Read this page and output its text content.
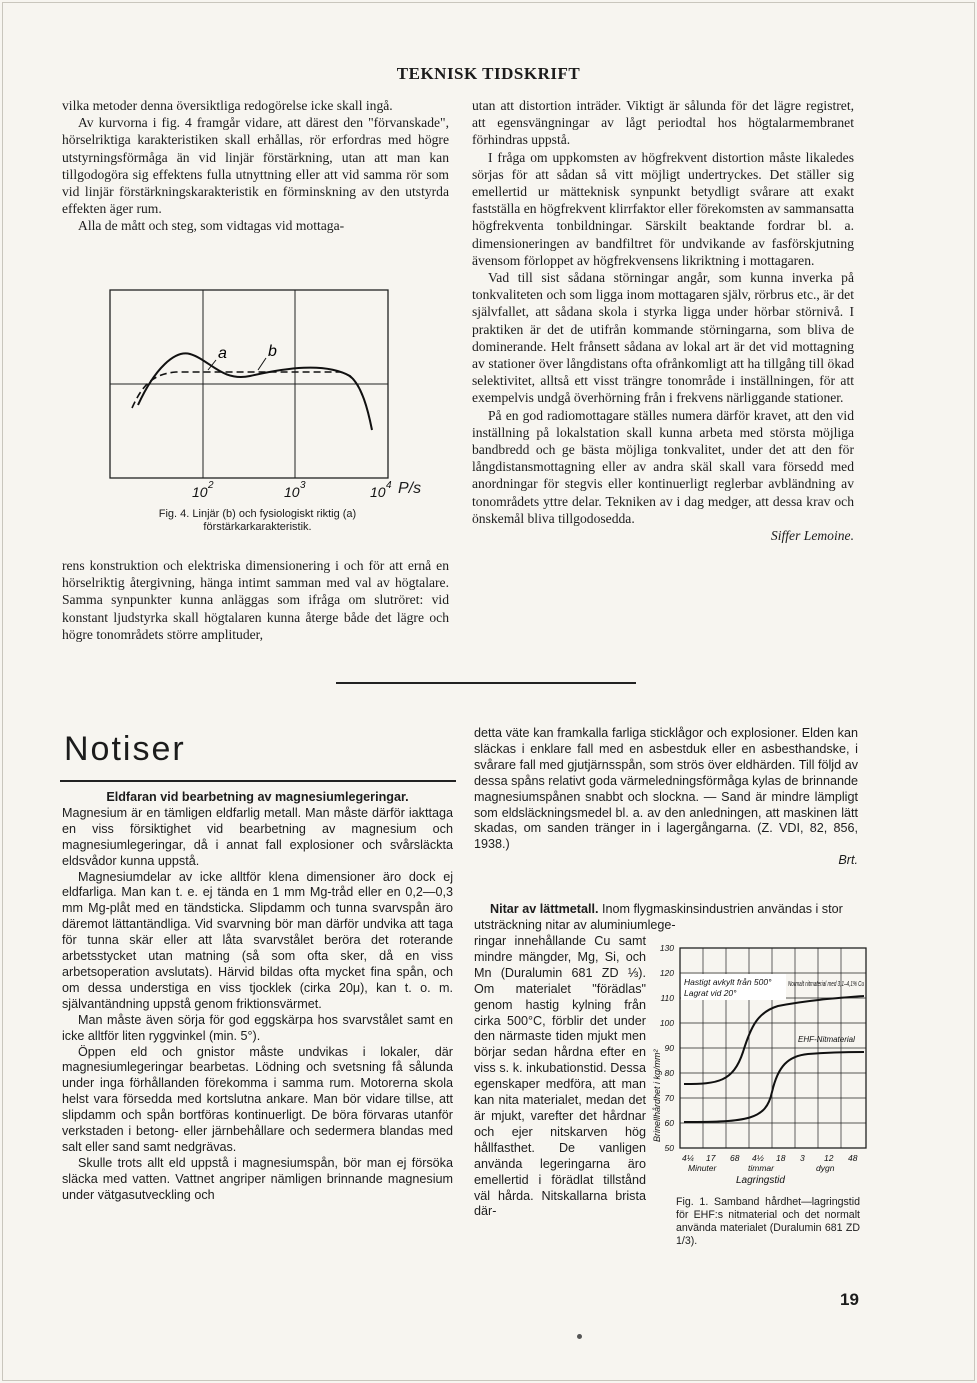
TEKNISK TIDSKRIFT

vilka metoder denna översiktliga redogörelse icke skall ingå.

Av kurvorna i fig. 4 framgår vidare, att därest den "förvanskade", hörselriktiga karakteristiken skall erhållas, rör erfordras med högre utstyrningsförmåga än vid linjär förstärkning, utan att man kan tillgodogöra sig effektens fulla utnyttning eller att vid samma rör som vid linjär förstärkningskarakteristik en förminskning av den utstyrda effekten äger rum.

Alla de mått och steg, som vidtagas vid mottaga-

a	b
10 2	10 3	10 4 P/s
Fig. 4. Linjär (b) och fysiologiskt riktig (a)
förstärkarkarakteristik.

rens konstruktion och elektriska dimensionering i och för att ernå en hörselriktig återgivning, hänga intimt samman med val av högtalare. Samma synpunkter kunna anläggas som ifråga om slutröret: vid konstant ljudstyrka skall högtalaren kunna återge både det lägre och högre tonområdets större amplituder,

utan att distortion inträder. Viktigt är sålunda för det lägre registret, att egensvängningar av lågt periodtal hos högtalarmembranet förhindras uppstå.

I fråga om uppkomsten av högfrekvent distortion måste likaledes sörjas för att sådan så vitt möjligt undertryckes. Det ställer sig emellertid ur mätteknisk synpunkt betydligt svårare att exakt fastställa en högfrekvent klirrfaktor eller förekomsten av sammansatta högfrekventa tonbildningar. Särskilt beaktande fordrar bl. a. dimensioneringen av bandfiltret för undvikande av fasförskjutning ävensom förloppet av högfrekvensens likriktning i mottagaren.

Vad till sist sådana störningar angår, som kunna inverka på tonkvaliteten och som ligga inom mottagaren själv, rörbrus etc., är det självfallet, att sådana skola i styrka ligga under hörbar störnivå. I praktiken är det de utifrån kommande störningarna, som bliva de dominerande. Helt frånsett sådana av lokal art är det vid mottagning av stationer över långdistans ofta ofrånkomligt att ha tillgång till ökad selektivitet, alltså ett visst trängre tonområde i inställningen, för att exempelvis undgå överhörning från i frekvens närliggande stationer.

På en god radiomottagare ställes numera därför kravet, att den vid inställning på lokalstation skall kunna arbeta med största möjliga bandbredd och ge bästa möjliga tonkvalitet, under det att den för långdistansmottagning eller av andra skäl skall vara försedd med anordningar för stegvis eller kontinuerligt reglerbar avbländning av tonområdets yttre delar. Tekniken av i dag medger, att dessa krav och önskemål bliva tillgodosedda.

Siffer Lemoine.

Notiser

Eldfaran vid bearbetning av magnesiumlegeringar.

Magnesium är en tämligen eldfarlig metall. Man måste därför iakttaga en viss försiktighet vid bearbetning av magnesium och magnesiumlegeringar, då i annat fall explosioner och svårsläckta eldsvådor kunna uppstå.

Magnesiumdelar av icke alltför klena dimensioner äro dock ej eldfarliga. Man kan t. e. ej tända en 1 mm Mg-tråd eller en 0,2—0,3 mm Mg-plåt med en tändsticka. Slipdamm och tunna svarvspån äro däremot lättantändliga. Vid svarvning bör man därför undvika att taga för tunna skär eller att låta svarvstålet beröra det roterande arbetsstycket utan matning (så som ofta sker, då en viss arbetsoperation avslutats). Härvid bildas ofta mycket fina spån, och om dessa understiga en viss tjocklek (cirka 20μ), kan t. o. m. självantändning uppstå genom friktionsvärmet.

Man måste även sörja för god eggskärpa hos svarvstålet samt en icke alltför liten ryggvinkel (min. 5°).

Öppen eld och gnistor måste undvikas i lokaler, där magnesiumlegeringar bearbetas. Lödning och svetsning få sålunda under inga förhållanden förekomma i samma rum. Motorerna skola helst vara försedda med kortslutna ankare. Man bör vidare tillse, att slipdamm och spån bortföras kontinuerligt. De böra förvaras utanför verkstaden i betong- eller järnbehållare och sedermera blandas med salt eller sand samt nedgrävas.

Skulle trots allt eld uppstå i magnesiumspån, bör man ej försöka släcka med vatten. Vattnet angriper nämligen brinnande magnesium under vätgasutveckling och

detta väte kan framkalla farliga sticklågor och explosioner. Elden kan släckas i enklare fall med en asbestduk eller en asbesthandske, i svårare fall med gjutjärnsspån, som strös över eldhärden. Till följd av dessa spåns relativt goda värmeledningsförmåga kylas de brinnande magnesiumspånen snabbt och slockna. — Sand är mindre lämpligt som eldsläckningsmedel bl. a. av den anledningen, att maskinen lätt skadas, om sanden tränger in i lagergångarna. (Z. VDI, 82, 856, 1938.)

Brt.

Nitar av lättmetall. Inom flygmaskinsindustrien användas i stor utsträckning nitar av aluminiumlege-
ringar innehållande Cu samt mindre mängder, Mg, Si, och Mn (Duralumin 681 ZD ⅓). Om materialet "förädlas" genom hastig kylning från cirka 500°C, förblir det under den närmaste tiden mjukt men börjar sedan hårdna efter en viss s. k. inkubationstid. Dessa egenskaper medföra, att man kan nita materialet, medan det är mjukt, varefter det hårdnar och ejer nitskarven hög hållfasthet. De vanligen använda legeringarna äro emellertid i förädlat tillstånd väl hårda. Nitskallarna brista där-
130
120
110
100
90
80
70
60
50
4¼ 17 68 4½ 18 3 12 48
Minuter	timmar	dygn
Lagringstid
Hastigt avkylt från 500°
Lagrat vid 20°
Normalt nitmaterial med 3,1–4,1% Cu
EHF-Nitmaterial
Brinellhårdhet i kg/mm²
Fig. 1. Samband hårdhet—lagringstid för EHF:s nitmaterial och det normalt använda materialet (Duralumin 681 ZD 1/3).
19
